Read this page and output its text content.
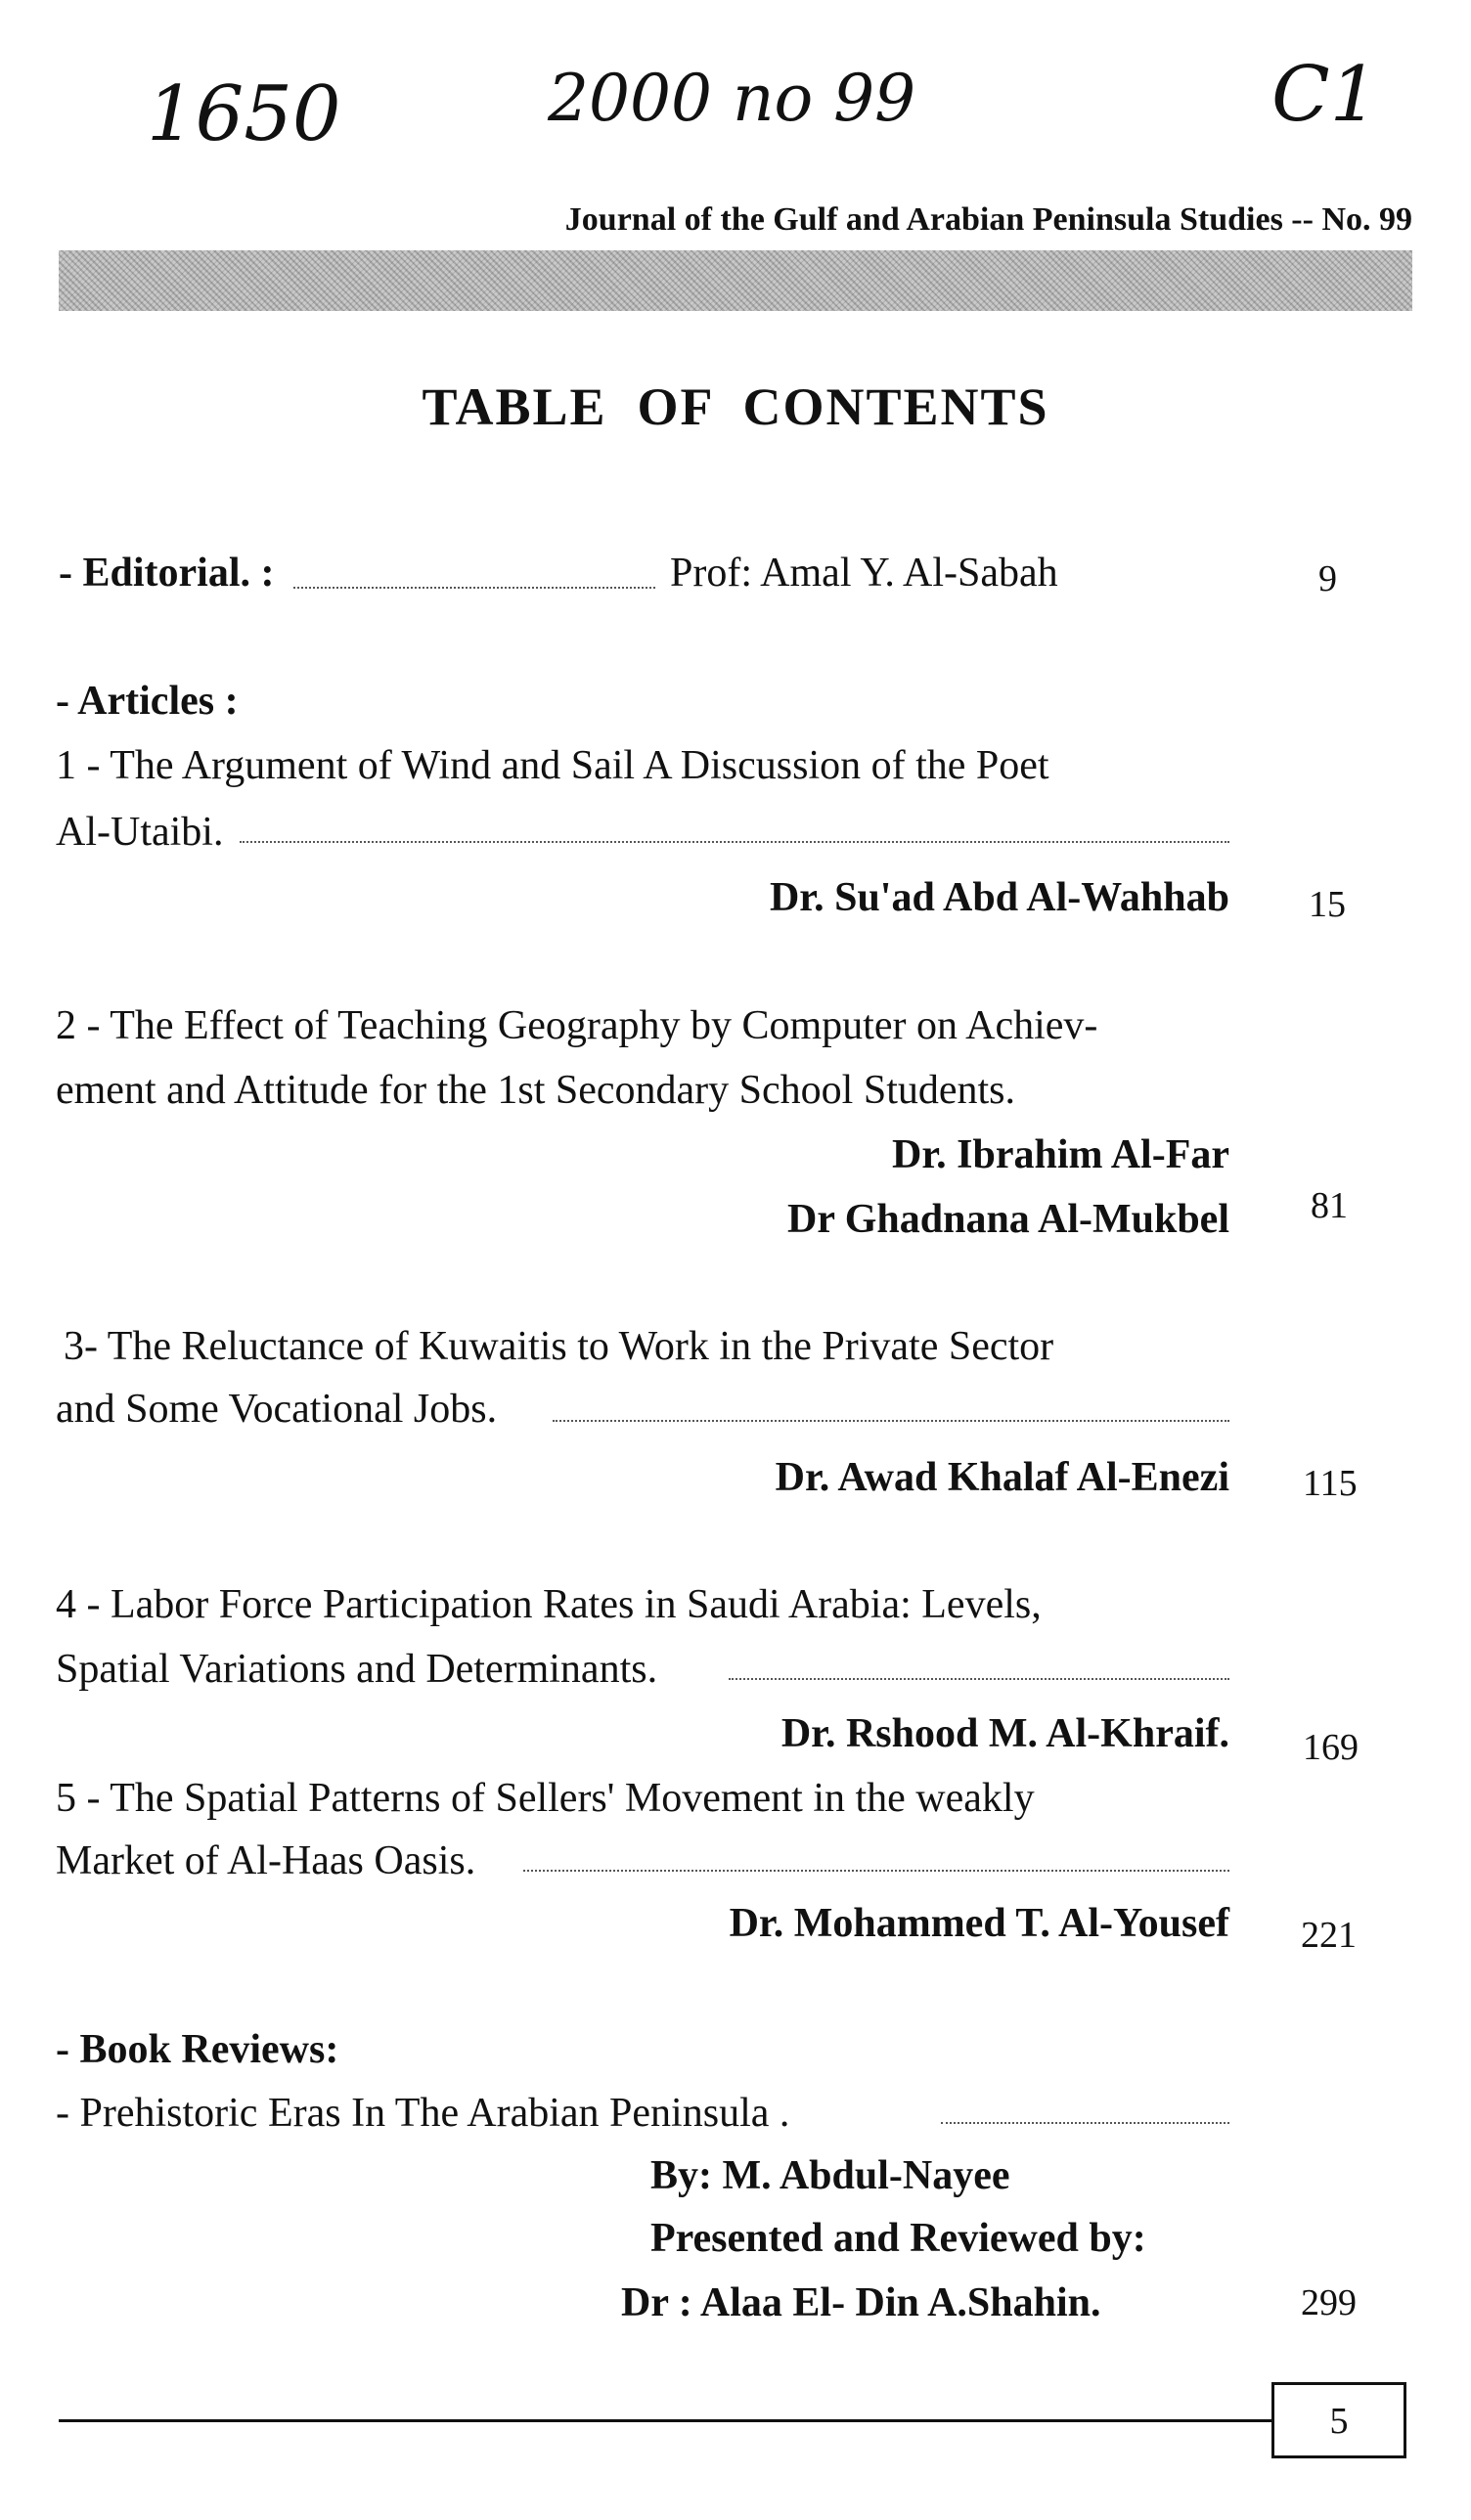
1650	2000 no 99	C1
Journal of the Gulf and Arabian Peninsula Studies -- No. 99
TABLE  OF  CONTENTS
- Editorial. :	Prof: Amal Y. Al-Sabah	9
- Articles :
1 - The Argument of Wind and Sail A Discussion of the Poet
Al-Utaibi.
Dr. Su'ad Abd Al-Wahhab 15
2 - The Effect of Teaching Geography by Computer on Achiev-
ement and Attitude for the 1st Secondary School Students.
Dr. Ibrahim Al-Far
Dr Ghadnana Al-Mukbel 81
3- The Reluctance of Kuwaitis to Work in the Private Sector
and Some Vocational Jobs.
Dr. Awad Khalaf Al-Enezi 115
4 - Labor Force Participation Rates in Saudi Arabia: Levels,
Spatial Variations and Determinants.
Dr. Rshood M. Al-Khraif. 169
5 - The Spatial Patterns of Sellers' Movement in the weakly
Market of Al-Haas Oasis.
Dr. Mohammed T. Al-Yousef 221
- Book Reviews:
- Prehistoric Eras In The Arabian Peninsula .
By: M. Abdul-Nayee
Presented and Reviewed by:
Dr : Alaa El- Din A.Shahin.	299
5
